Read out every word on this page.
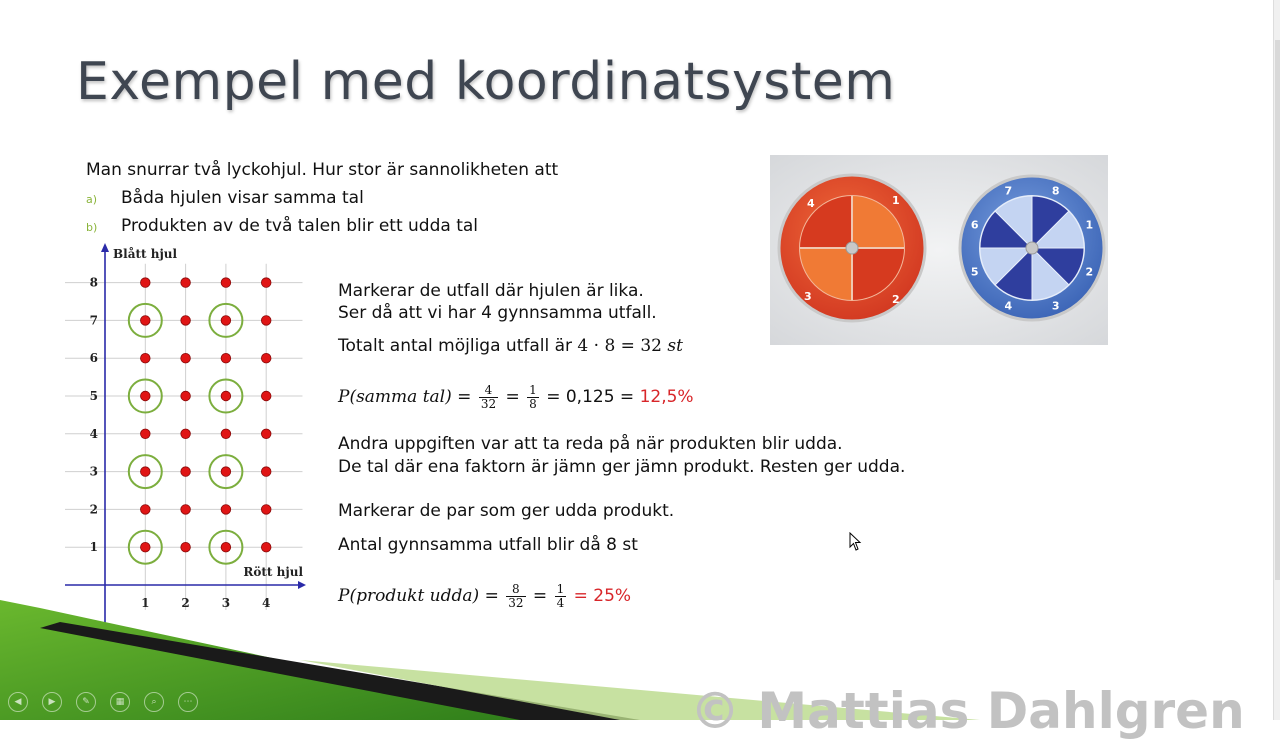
Exempel med koordinatsystem
Man snurrar två lyckohjul. Hur stor är sannolikheten att
a) Båda hjulen visar samma tal
b) Produkten av de två talen blir ett udda tal
1	2	3	4
1
2
3
4
5
6
7
8
Blått hjul
Rött hjul
Markerar de utfall där hjulen är lika.
Ser då att vi har 4 gynnsamma utfall.
Totalt antal möjliga utfall är 4 · 8 = 32 st
P(samma $tal) = \frac{4}{32} = \frac{1}{8} = 0,125 = 12,5\%$
Andra uppgiften var att ta reda på när produkten blir udda.
De tal där ena faktorn är jämn ger jämn produkt. Resten ger udda.
Markerar de par som ger udda produkt.
Antal gynnsamma utfall blir då 8 st
P(produkt udda) = $\frac{8}{32} = \frac{1}{4} = 25\%$
4	1
2
3
8
1
2
3
4
5
6
7
◀	▶	✎	▦	⌕	⋯	© Mattias Dahlgren
